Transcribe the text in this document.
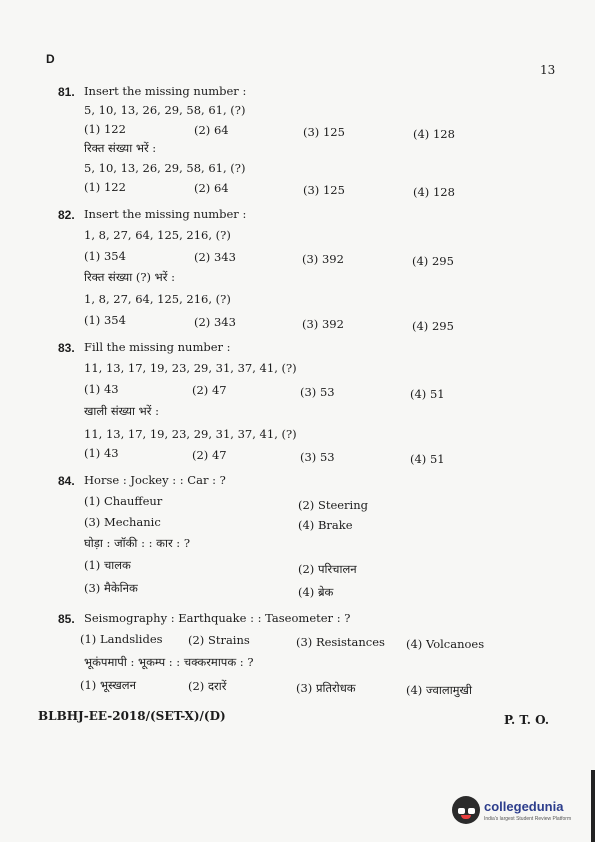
D
13
81. Insert the missing number :
5, 10, 13, 26, 29, 58, 61, (?)
(1) 122	(2) 64	(3) 125	(4) 128
रिक्त संख्या भरें :
5, 10, 13, 26, 29, 58, 61, (?)
(1) 122	(2) 64	(3) 125	(4) 128
82. Insert the missing number :
1, 8, 27, 64, 125, 216, (?)
(1) 354	(2) 343	(3) 392	(4) 295
रिक्त संख्या (?) भरें :
1, 8, 27, 64, 125, 216, (?)
(1) 354	(2) 343	(3) 392	(4) 295
83. Fill the missing number :
11, 13, 17, 19, 23, 29, 31, 37, 41, (?)
(1) 43	(2) 47	(3) 53	(4) 51
खाली संख्या भरें :
11, 13, 17, 19, 23, 29, 31, 37, 41, (?)
(1) 43	(2) 47	(3) 53	(4) 51
84. Horse : Jockey : : Car : ?
(1) Chauffeur	(2) Steering
(3) Mechanic	(4) Brake
घोड़ा : जॉकी : : कार : ?
(1) चालक	(2) परिचालन
(3) मैकेनिक	(4) ब्रेक
85. Seismography : Earthquake : : Taseometer : ?
(1) Landslides (2) Strains	(3) Resistances (4) Volcanoes
भूकंपमापी : भूकम्प : : चक्करमापक : ?
(1) भूस्खलन	(2) दरारें	(3) प्रतिरोधक	(4) ज्वालामुखी
BLBHJ-EE-2018/(SET-X)/(D)	P. T. O.
collegedunia
India's largest Student Review Platform
